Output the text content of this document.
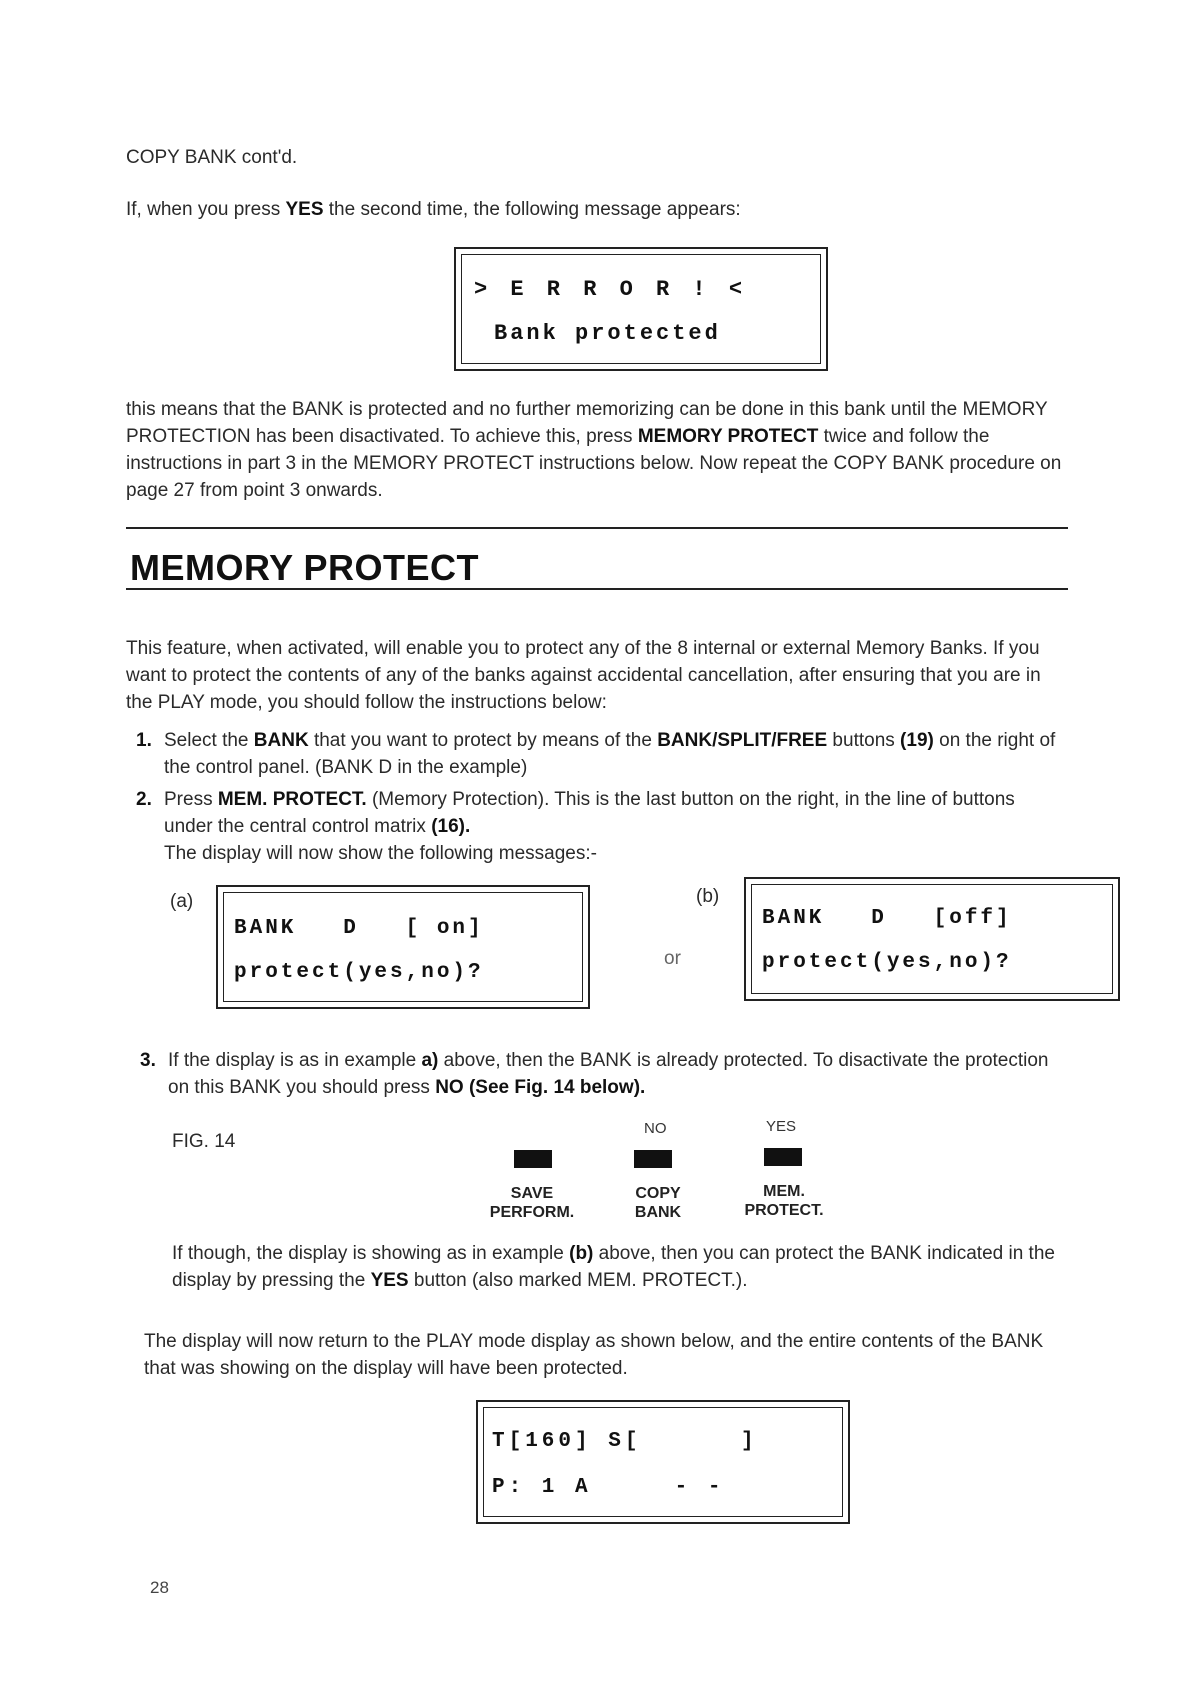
COPY BANK cont'd.
If, when you press YES the second time, the following message appears:
> E R R O R ! <
Bank protected
this means that the BANK is protected and no further memorizing can be done in this bank until the MEMORY PROTECTION has been disactivated. To achieve this, press MEMORY PROTECT twice and follow the instructions in part 3 in the MEMORY PROTECT instructions below. Now repeat the COPY BANK procedure on page 27 from point 3 onwards.
MEMORY PROTECT
This feature, when activated, will enable you to protect any of the 8 internal or external Memory Banks. If you want to protect the contents of any of the banks against accidental cancellation, after ensuring that you are in the PLAY mode, you should follow the instructions below:
1. Select the BANK that you want to protect by means of the BANK/SPLIT/FREE buttons (19) on the right of the control panel. (BANK D in the example)
2. Press MEM. PROTECT. (Memory Protection). This is the last button on the right, in the line of buttons under the central control matrix (16).
The display will now show the following messages:-
(a)
BANK   D   [ on]
protect(yes,no)?
or
(b)
BANK   D   [off]
protect(yes,no)?
3. If the display is as in example a) above, then the BANK is already protected. To disactivate the protection on this BANK you should press NO (See Fig. 14 below).
FIG. 14
NO	YES
SAVE
PERFORM.
COPY
BANK
MEM.
PROTECT.
If though, the display is showing as in example (b) above, then you can protect the BANK indicated in the display by pressing the YES button (also marked MEM. PROTECT.).
The display will now return to the PLAY mode display as shown below, and the entire contents of the BANK that was showing on the display will have been protected.
T[160] S[      ]
P: 1 A     - -
28
